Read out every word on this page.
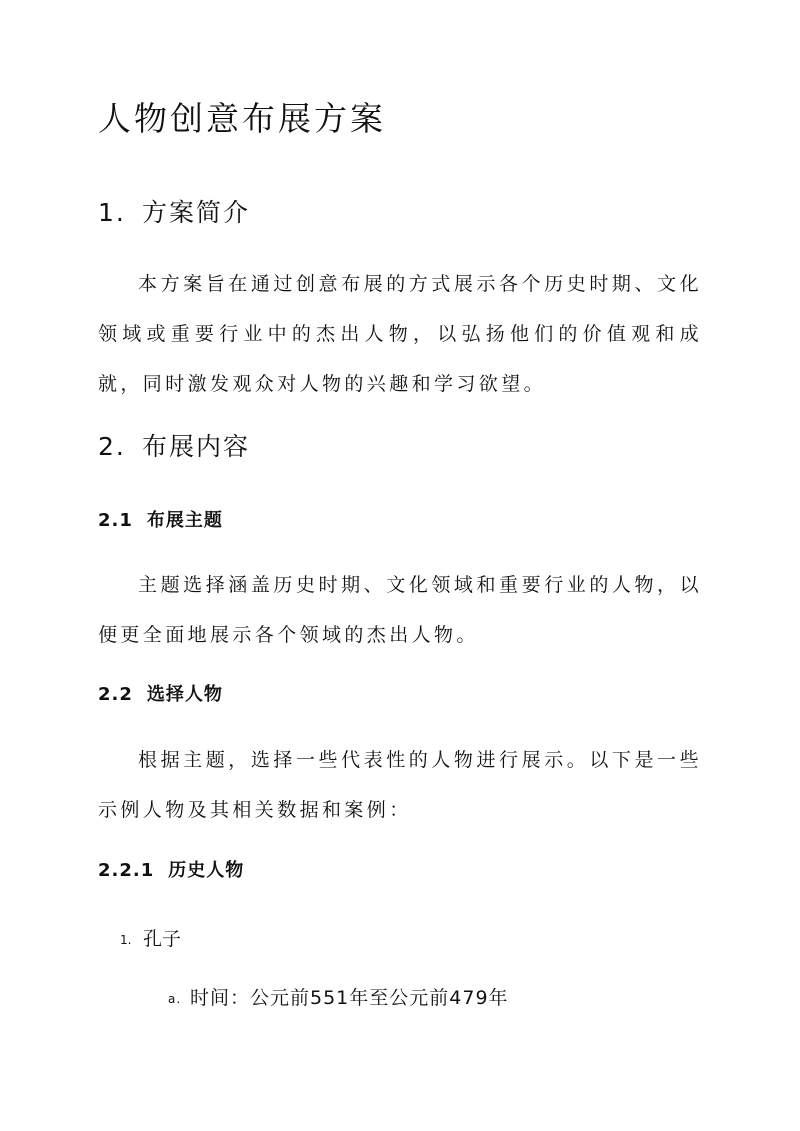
人物创意布展方案
1. 方案简介

本方案旨在通过创意布展的方式展示各个历史时期、文化领域或重要行业中的杰出人物，以弘扬他们的价值观和成就，同时激发观众对人物的兴趣和学习欲望。

2. 布展内容
2.1 布展主题

主题选择涵盖历史时期、文化领域和重要行业的人物，以便更全面地展示各个领域的杰出人物。

2.2 选择人物

根据主题，选择一些代表性的人物进行展示。以下是一些示例人物及其相关数据和案例：

2.2.1 历史人物
1. 孔子
a. 时间：公元前551年至公元前479年
